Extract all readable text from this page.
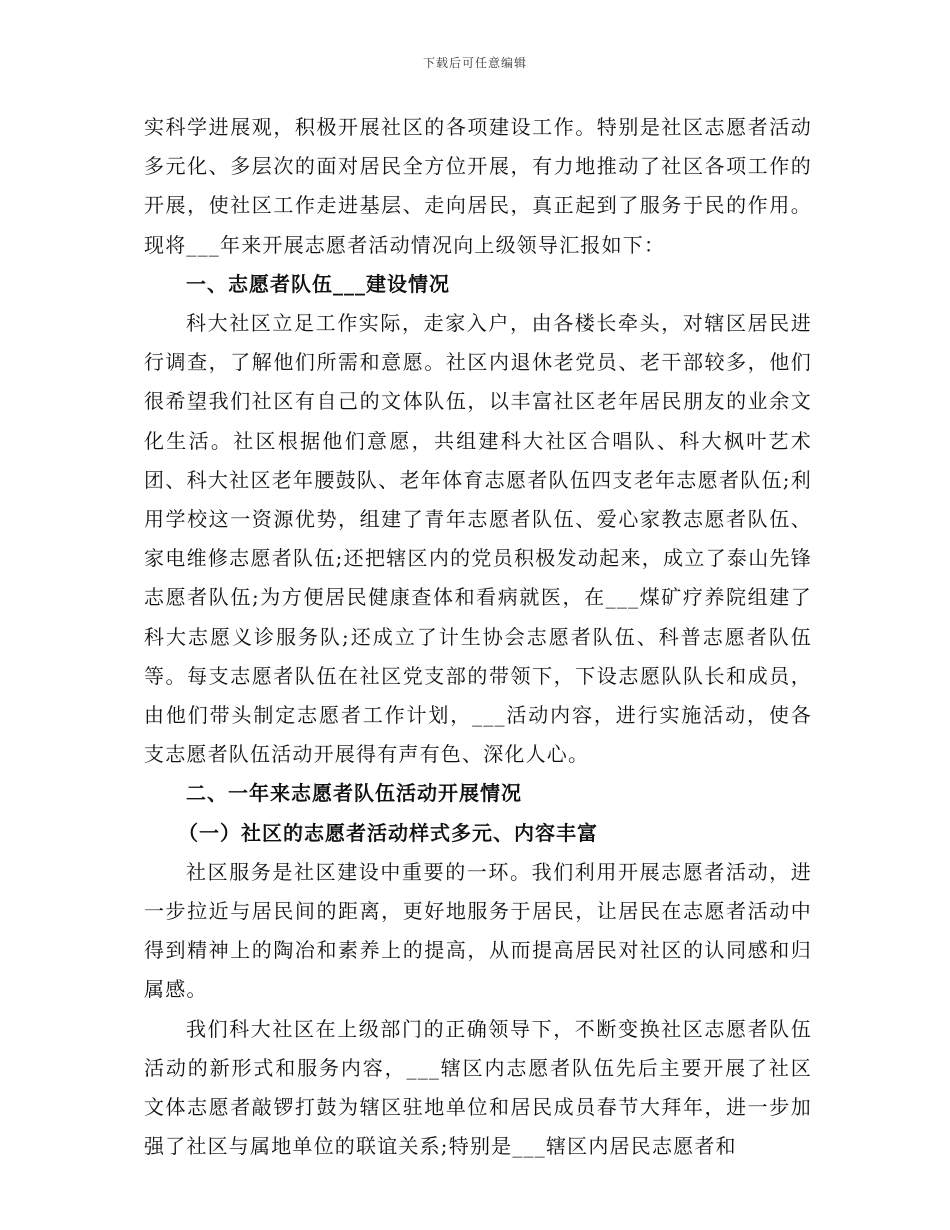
下载后可任意编辑

实科学进展观，积极开展社区的各项建设工作。特别是社区志愿者活动多元化、多层次的面对居民全方位开展，有力地推动了社区各项工作的开展，使社区工作走进基层、走向居民，真正起到了服务于民的作用。现将___年来开展志愿者活动情况向上级领导汇报如下：

一、志愿者队伍___建设情况

科大社区立足工作实际，走家入户，由各楼长牵头，对辖区居民进行调查，了解他们所需和意愿。社区内退休老党员、老干部较多，他们很希望我们社区有自己的文体队伍，以丰富社区老年居民朋友的业余文化生活。社区根据他们意愿，共组建科大社区合唱队、科大枫叶艺术团、科大社区老年腰鼓队、老年体育志愿者队伍四支老年志愿者队伍;利用学校这一资源优势，组建了青年志愿者队伍、爱心家教志愿者队伍、家电维修志愿者队伍;还把辖区内的党员积极发动起来，成立了泰山先锋志愿者队伍;为方便居民健康查体和看病就医，在___煤矿疗养院组建了科大志愿义诊服务队;还成立了计生协会志愿者队伍、科普志愿者队伍等。每支志愿者队伍在社区党支部的带领下，下设志愿队队长和成员，由他们带头制定志愿者工作计划，___活动内容，进行实施活动，使各支志愿者队伍活动开展得有声有色、深化人心。

二、一年来志愿者队伍活动开展情况

（一）社区的志愿者活动样式多元、内容丰富

社区服务是社区建设中重要的一环。我们利用开展志愿者活动，进一步拉近与居民间的距离，更好地服务于居民，让居民在志愿者活动中得到精神上的陶冶和素养上的提高，从而提高居民对社区的认同感和归属感。

我们科大社区在上级部门的正确领导下，不断变换社区志愿者队伍活动的新形式和服务内容，___辖区内志愿者队伍先后主要开展了社区文体志愿者敲锣打鼓为辖区驻地单位和居民成员春节大拜年，进一步加强了社区与属地单位的联谊关系;特别是___辖区内居民志愿者和
